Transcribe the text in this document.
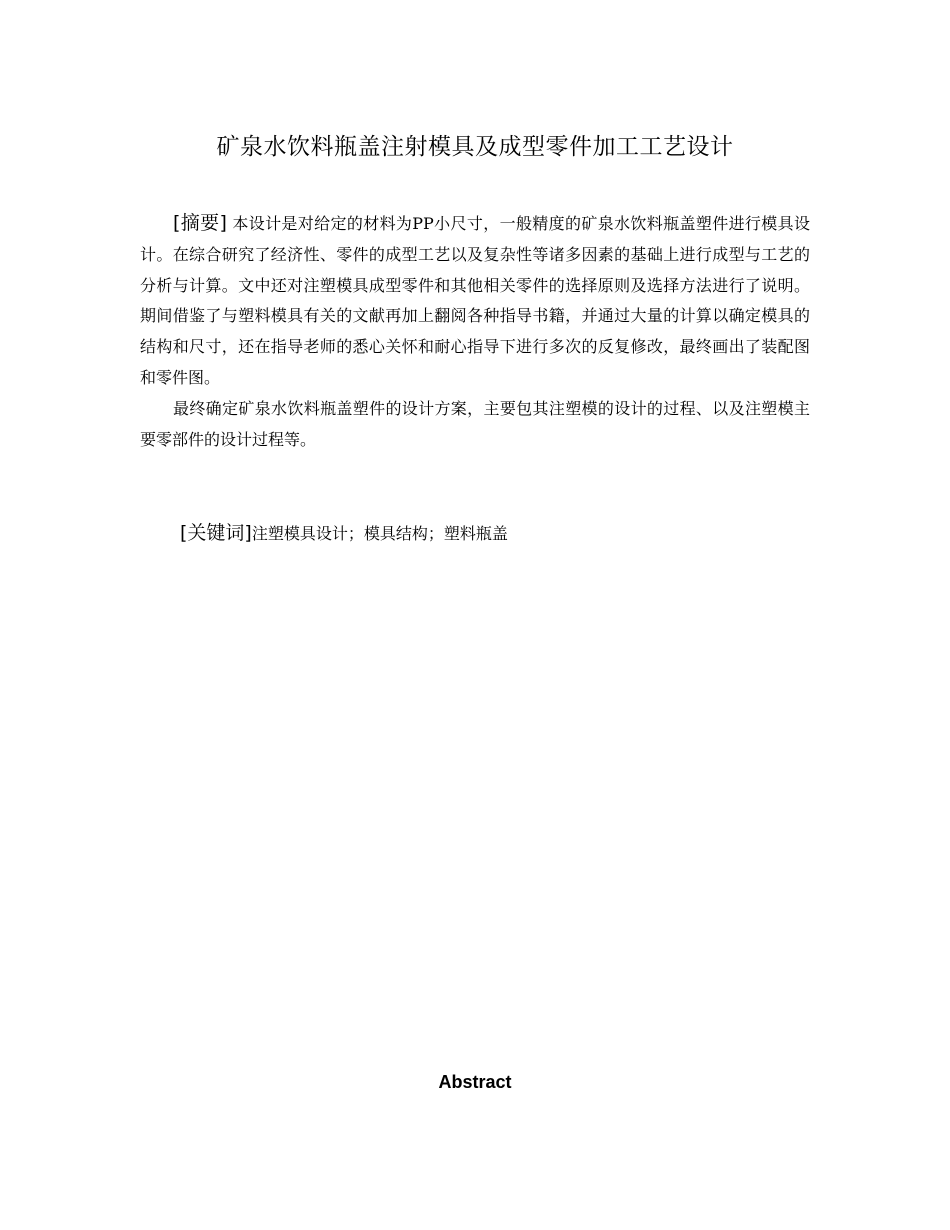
矿泉水饮料瓶盖注射模具及成型零件加工工艺设计

[摘要] 本设计是对给定的材料为PP小尺寸，一般精度的矿泉水饮料瓶盖塑件进行模具设计。在综合研究了经济性、零件的成型工艺以及复杂性等诸多因素的基础上进行成型与工艺的分析与计算。文中还对注塑模具成型零件和其他相关零件的选择原则及选择方法进行了说明。期间借鉴了与塑料模具有关的文献再加上翻阅各种指导书籍，并通过大量的计算以确定模具的结构和尺寸，还在指导老师的悉心关怀和耐心指导下进行多次的反复修改，最终画出了装配图和零件图。

最终确定矿泉水饮料瓶盖塑件的设计方案，主要包其注塑模的设计的过程、以及注塑模主要零部件的设计过程等。

[关键词]注塑模具设计；模具结构；塑料瓶盖
Abstract
